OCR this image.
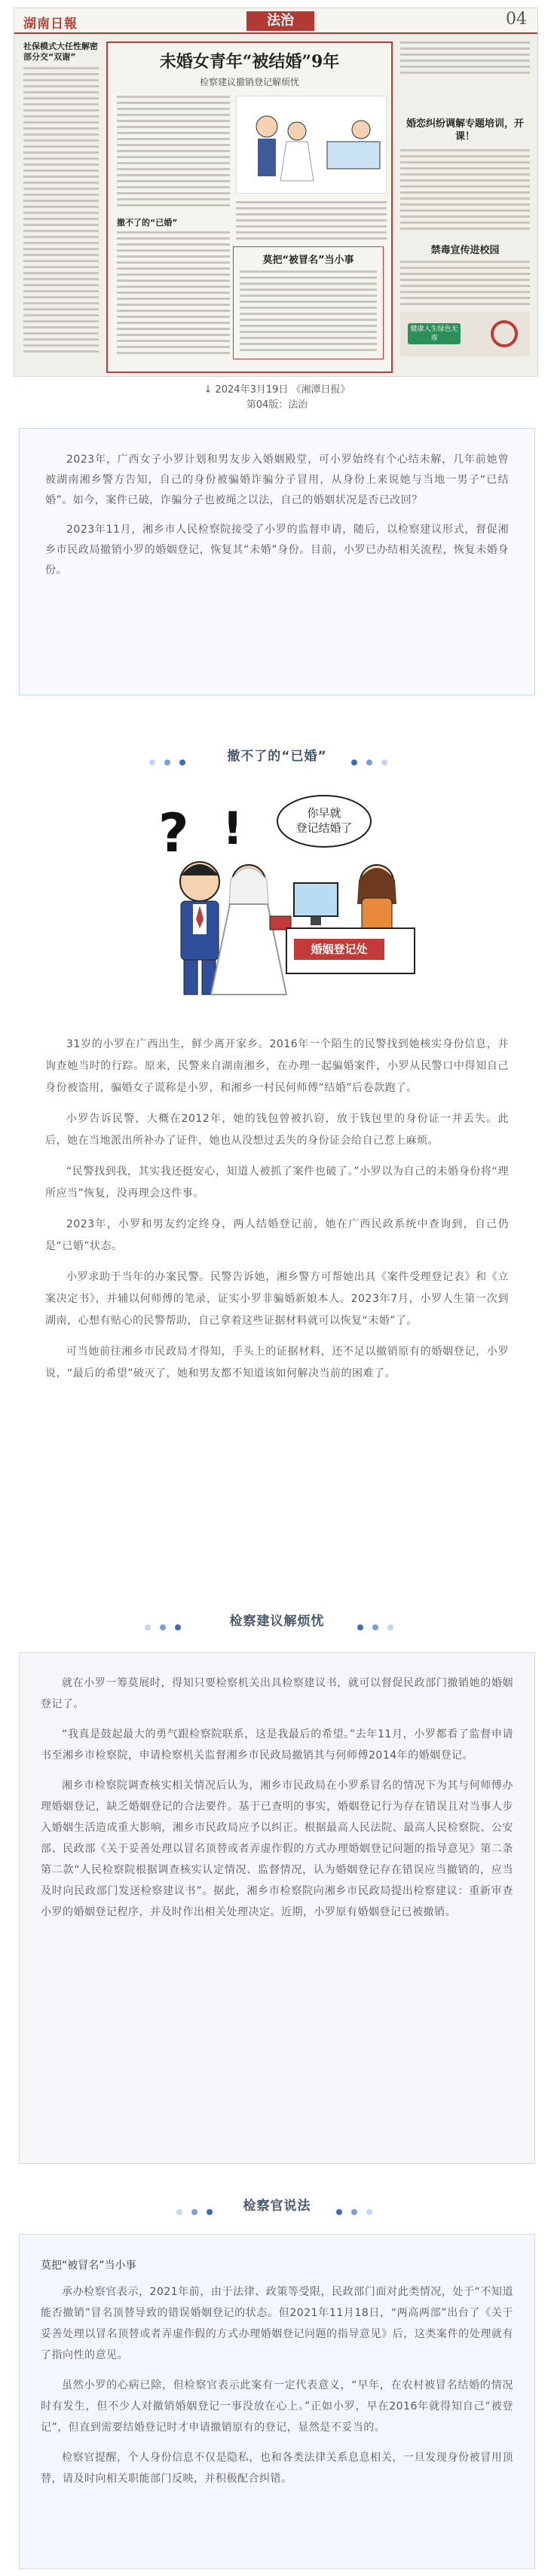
湖南日報	法治	04
社保模式大任性解密部分交“双谢”	未婚女青年“被结婚”9年
检察建议撤销登记解烦忧
撤不了的“已婚”
莫把“被冒名”当小事
婚恋纠纷调解专题培训，开课！
禁毒宣传进校园
健康人生绿色无毒
↓ 2024年3月19日 《湘潭日报》
第04版：法治

2023年，广西女子小罗计划和男友步入婚姻殿堂，可小罗始终有个心结未解，几年前她曾被湖南湘乡警方告知，自己的身份被骗婚诈骗分子冒用，从身份上来说她与当地一男子“已结婚”。如今，案件已破，诈骗分子也被绳之以法，自己的婚姻状况是否已改回？

2023年11月，湘乡市人民检察院接受了小罗的监督申请，随后，以检察建议形式，督促湘乡市民政局撤销小罗的婚姻登记，恢复其“未婚”身份。目前，小罗已办结相关流程，恢复未婚身份。

撤不了的“已婚”
? !	你早就
登记结婚了
婚姻登记处

31岁的小罗在广西出生，鲜少离开家乡。2016年一个陌生的民警找到她核实身份信息，并询查她当时的行踪。原来，民警来自湖南湘乡，在办理一起骗婚案件，小罗从民警口中得知自己身份被盗用，骗婚女子谎称是小罗，和湘乡一村民何师傅“结婚”后卷款跑了。

小罗告诉民警，大概在2012年，她的钱包曾被扒窃，放于钱包里的身份证一并丢失。此后，她在当地派出所补办了证件，她也从没想过丢失的身份证会给自己惹上麻烦。

“民警找到我，其实我还挺安心，知道人被抓了案件也破了。”小罗以为自己的未婚身份将“理所应当”恢复，没再理会这件事。

2023年，小罗和男友约定终身，两人结婚登记前，她在广西民政系统中查询到，自己仍是“已婚”状态。

小罗求助于当年的办案民警。民警告诉她，湘乡警方可帮她出具《案件受理登记表》和《立案决定书》，并辅以何师傅的笔录，证实小罗非骗婚新娘本人。2023年7月，小罗人生第一次到湖南，心想有贴心的民警帮助，自己拿着这些证据材料就可以恢复“未婚”了。

可当她前往湘乡市民政局才得知，手头上的证据材料，还不足以撤销原有的婚姻登记，小罗说，“最后的希望”破灭了，她和男友都不知道该如何解决当前的困难了。

检察建议解烦忧

就在小罗一筹莫展时，得知只要检察机关出具检察建议书，就可以督促民政部门撤销她的婚姻登记了。

“我真是鼓起最大的勇气跟检察院联系，这是我最后的希望。”去年11月，小罗都看了监督申请书至湘乡市检察院，申请检察机关监督湘乡市民政局撤销其与何师傅2014年的婚姻登记。

湘乡市检察院调查核实相关情况后认为，湘乡市民政局在小罗系冒名的情况下为其与何师傅办理婚姻登记，缺乏婚姻登记的合法要件。基于已查明的事实，婚姻登记行为存在错误且对当事人步入婚姻生活造成重大影响，湘乡市民政局应予以纠正。根据最高人民法院、最高人民检察院、公安部、民政部《关于妥善处理以冒名顶替或者弄虚作假的方式办理婚姻登记问题的指导意见》第二条第二款“人民检察院根据调查核实认定情况、监督情况，认为婚姻登记存在错误应当撤销的，应当及时向民政部门发送检察建议书”。据此，湘乡市检察院向湘乡市民政局提出检察建议：重新审查小罗的婚姻登记程序，并及时作出相关处理决定。近期，小罗原有婚姻登记已被撤销。

检察官说法
莫把“被冒名”当小事

承办检察官表示，2021年前，由于法律、政策等受限，民政部门面对此类情况，处于“不知道能否撤销”冒名顶替导致的错误婚姻登记的状态。但2021年11月18日，“两高两部”出台了《关于妥善处理以冒名顶替或者弄虚作假的方式办理婚姻登记问题的指导意见》后，这类案件的处理就有了指向性的意见。

虽然小罗的心病已除，但检察官表示此案有一定代表意义，“早年，在农村被冒名结婚的情况时有发生，但不少人对撤销婚姻登记一事没放在心上。”正如小罗，早在2016年就得知自己“被登记”，但直到需要结婚登记时才申请撤销原有的登记，显然是不妥当的。

检察官提醒，个人身份信息不仅是隐私，也和各类法律关系息息相关，一旦发现身份被冒用顶替，请及时向相关职能部门反映，并积极配合纠错。
